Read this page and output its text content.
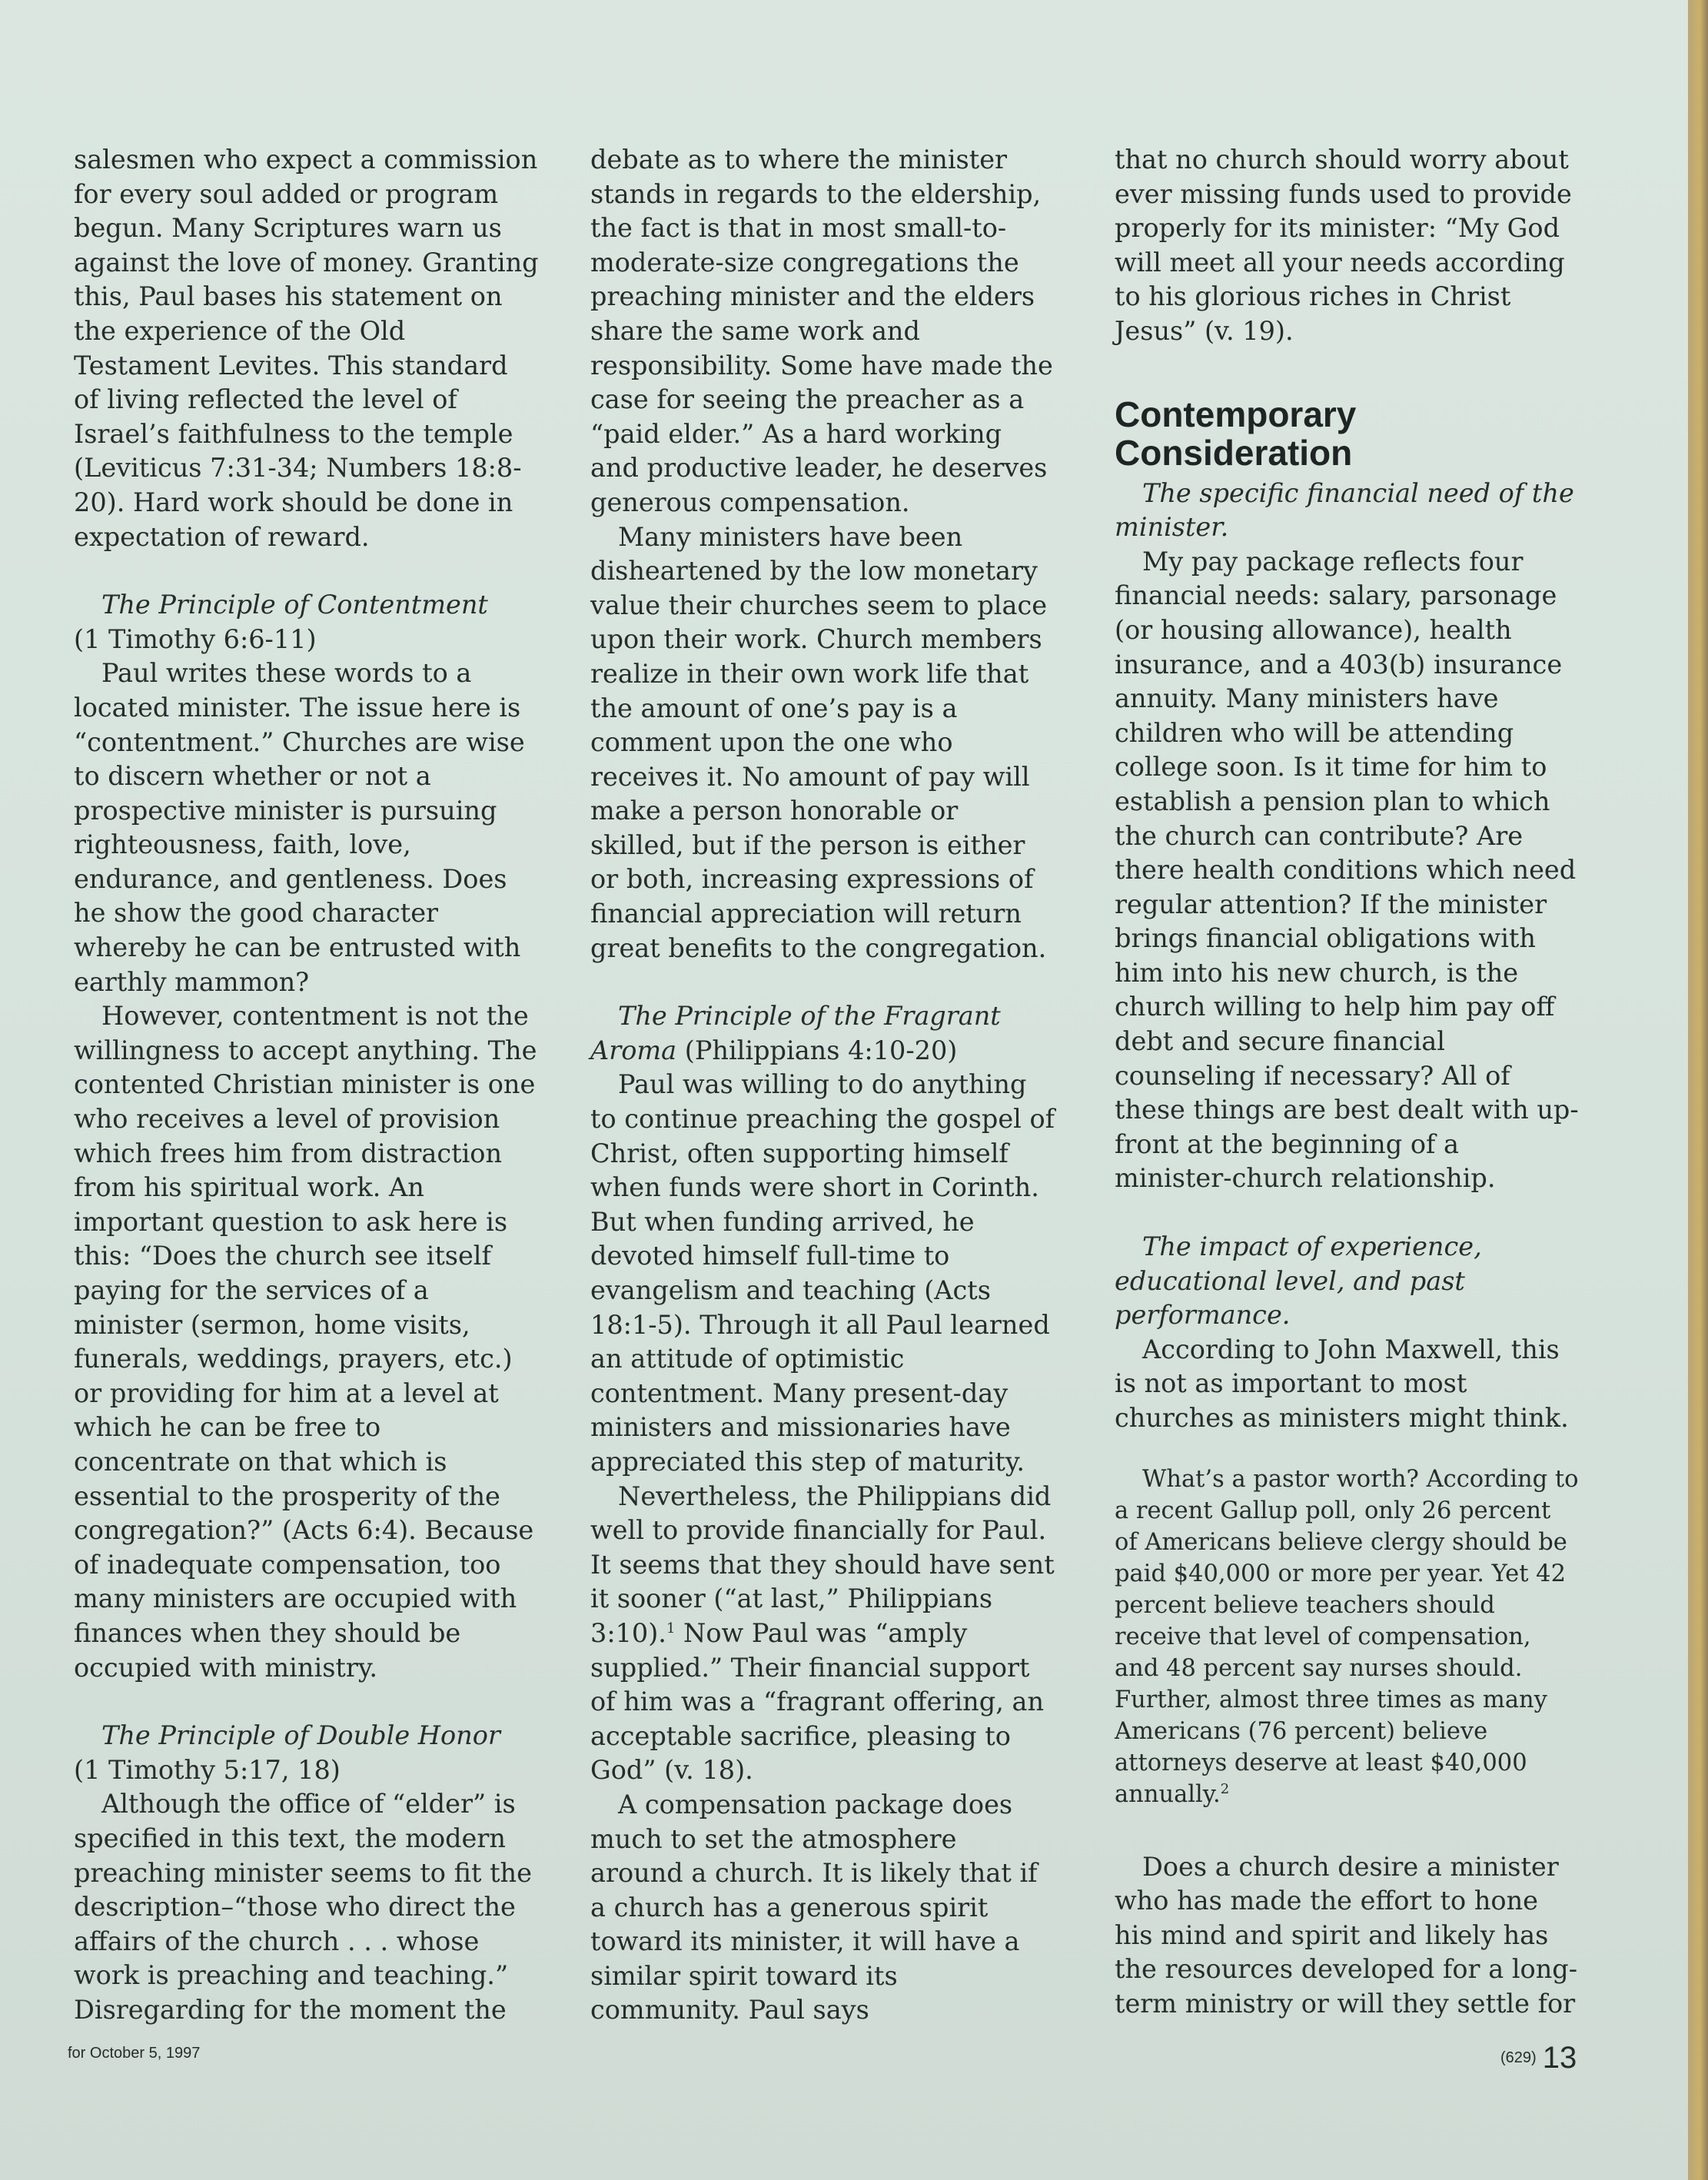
salesmen who expect a commission for every soul added or program begun. Many Scriptures warn us against the love of money. Granting this, Paul bases his statement on the experience of the Old Testament Levites. This standard of living reflected the level of Israel’s faithfulness to the temple (Leviticus 7:31-34; Numbers 18:8-20). Hard work should be done in expectation of reward.

The Principle of Contentment

(1 Timothy 6:6-11)

Paul writes these words to a located minister. The issue here is “contentment.” Churches are wise to discern whether or not a prospective minister is pursuing righteousness, faith, love, endurance, and gentleness. Does he show the good character whereby he can be entrusted with earthly mammon?

However, contentment is not the willingness to accept anything. The contented Christian minister is one who receives a level of provision which frees him from distraction from his spiritual work. An important question to ask here is this: “Does the church see itself paying for the services of a minister (sermon, home visits, funerals, weddings, prayers, etc.) or providing for him at a level at which he can be free to concentrate on that which is essential to the prosperity of the congregation?” (Acts 6:4). Because of inadequate compensation, too many ministers are occupied with finances when they should be occupied with ministry.

The Principle of Double Honor

(1 Timothy 5:17, 18)

Although the office of “elder” is specified in this text, the modern preaching minister seems to fit the description–“those who direct the affairs of the church . . . whose work is preaching and teaching.” Disregarding for the moment the

debate as to where the minister stands in regards to the eldership, the fact is that in most small-to-moderate-size congregations the preaching minister and the elders share the same work and responsibility. Some have made the case for seeing the preacher as a “paid elder.” As a hard working and productive leader, he deserves generous compensation.

Many ministers have been disheartened by the low monetary value their churches seem to place upon their work. Church members realize in their own work life that the amount of one’s pay is a comment upon the one who receives it. No amount of pay will make a person honorable or skilled, but if the person is either or both, increasing expressions of financial appreciation will return great benefits to the congregation.

The Principle of the Fragrant Aroma (Philippians 4:10-20)

Paul was willing to do anything to continue preaching the gospel of Christ, often supporting himself when funds were short in Corinth. But when funding arrived, he devoted himself full-time to evangelism and teaching (Acts 18:1-5). Through it all Paul learned an attitude of optimistic contentment. Many present-day ministers and missionaries have appreciated this step of maturity.

Nevertheless, the Philippians did well to provide financially for Paul. It seems that they should have sent it sooner (“at last,” Philippians 3:10).$^1$ Now Paul was “amply supplied.” Their financial support of him was a “fragrant offering, an acceptable sacrifice, pleasing to God” (v. 18).

A compensation package does much to set the atmosphere around a church. It is likely that if a church has a generous spirit toward its minister, it will have a similar spirit toward its community. Paul says

that no church should worry about ever missing funds used to provide properly for its minister: “My God will meet all your needs according to his glorious riches in Christ Jesus” (v. 19).

Contemporary
Consideration

The specific financial need of the minister.

My pay package reflects four financial needs: salary, parsonage (or housing allowance), health insurance, and a 403(b) insurance annuity. Many ministers have children who will be attending college soon. Is it time for him to establish a pension plan to which the church can contribute? Are there health conditions which need regular attention? If the minister brings financial obligations with him into his new church, is the church willing to help him pay off debt and secure financial counseling if necessary? All of these things are best dealt with up-front at the beginning of a minister-church relationship.

The impact of experience, educational level, and past performance.

According to John Maxwell, this is not as important to most churches as ministers might think.

What’s a pastor worth? According to a recent Gallup poll, only 26 percent of Americans believe clergy should be paid $40,000 or more per year. Yet 42 percent believe teachers should receive that level of compensation, and 48 percent say nurses should. Further, almost three times as many Americans (76 percent) believe attorneys deserve at least $40,000 annually.$^2$

Does a church desire a minister who has made the effort to hone his mind and spirit and likely has the resources developed for a long-term ministry or will they settle for

for October 5, 1997	(629) 13
